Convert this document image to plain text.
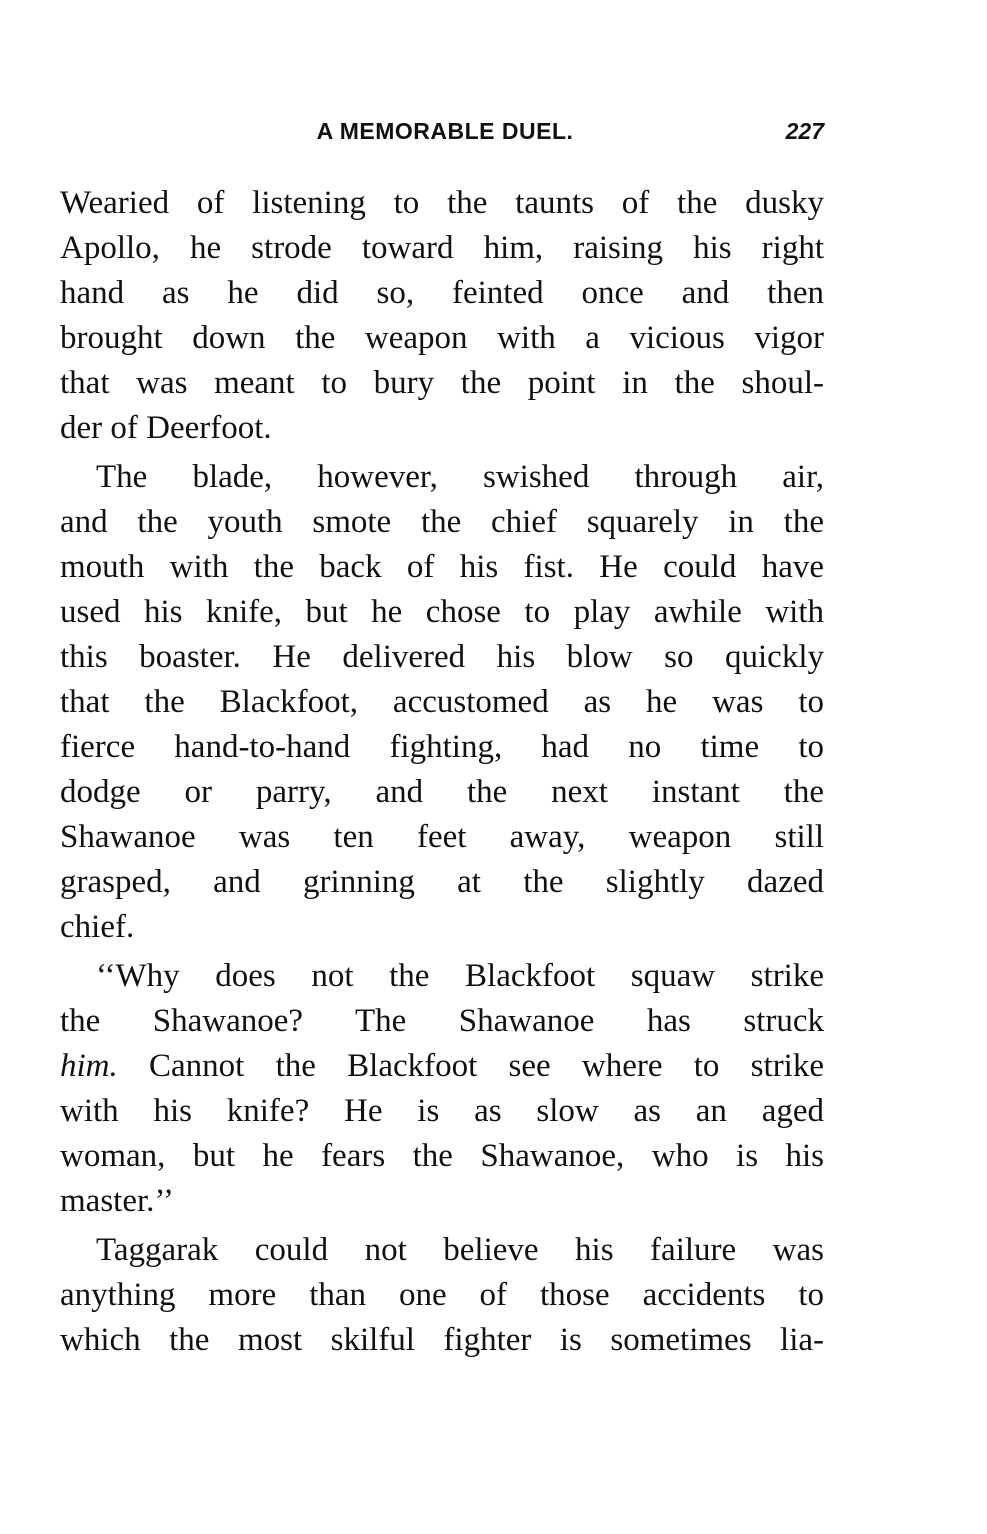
A MEMORABLE DUEL.	227
Wearied of listening to the taunts of the dusky
Apollo, he strode toward him, raising his right
hand as he did so, feinted once and then
brought down the weapon with a vicious vigor
that was meant to bury the point in the shoul-
der of Deerfoot.
The blade, however, swished through air,
and the youth smote the chief squarely in the
mouth with the back of his fist. He could have
used his knife, but he chose to play awhile with
this boaster. He delivered his blow so quickly
that the Blackfoot, accustomed as he was to
fierce hand-to-hand fighting, had no time to
dodge or parry, and the next instant the
Shawanoe was ten feet away, weapon still
grasped, and grinning at the slightly dazed
chief.
‘‘Why does not the Blackfoot squaw strike
the Shawanoe? The Shawanoe has struck
him. Cannot the Blackfoot see where to strike
with his knife? He is as slow as an aged
woman, but he fears the Shawanoe, who is his
master.’’
Taggarak could not believe his failure was
anything more than one of those accidents to
which the most skilful fighter is sometimes lia-
